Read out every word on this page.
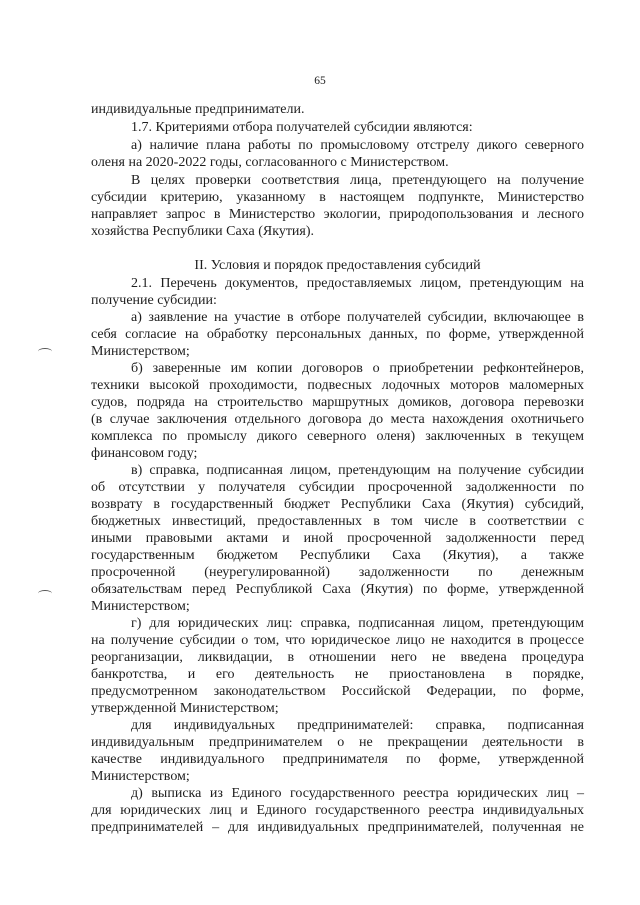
65
индивидуальные предприниматели.
1.7. Критериями отбора получателей субсидии являются:
а) наличие плана работы по промысловому отстрелу дикого северного
оленя на 2020-2022 годы, согласованного с Министерством.
В целях проверки соответствия лица, претендующего на получение
субсидии критерию, указанному в настоящем подпункте, Министерство
направляет запрос в Министерство экологии, природопользования и лесного
хозяйства Республики Саха (Якутия).
II. Условия и порядок предоставления субсидий
2.1. Перечень документов, предоставляемых лицом, претендующим на
получение субсидии:
а) заявление на участие в отборе получателей субсидии, включающее в
себя согласие на обработку персональных данных, по форме, утвержденной
Министерством;
б) заверенные им копии договоров о приобретении рефконтейнеров,
техники высокой проходимости, подвесных лодочных моторов маломерных
судов, подряда на строительство маршрутных домиков, договора перевозки
(в случае заключения отдельного договора до места нахождения охотничьего
комплекса по промыслу дикого северного оленя) заключенных в текущем
финансовом году;
в) справка, подписанная лицом, претендующим на получение субсидии
об отсутствии у получателя субсидии просроченной задолженности по
возврату в государственный бюджет Республики Саха (Якутия) субсидий,
бюджетных инвестиций, предоставленных в том числе в соответствии с
иными правовыми актами и иной просроченной задолженности перед
государственным бюджетом Республики Саха (Якутия), а также
просроченной (неурегулированной) задолженности по денежным
обязательствам перед Республикой Саха (Якутия) по форме, утвержденной
Министерством;
г) для юридических лиц: справка, подписанная лицом, претендующим
на получение субсидии о том, что юридическое лицо не находится в процессе
реорганизации, ликвидации, в отношении него не введена процедура
банкротства, и его деятельность не приостановлена в порядке,
предусмотренном законодательством Российской Федерации, по форме,
утвержденной Министерством;
для индивидуальных предпринимателей: справка, подписанная
индивидуальным предпринимателем о не прекращении деятельности в
качестве индивидуального предпринимателя по форме, утвержденной
Министерством;
д) выписка из Единого государственного реестра юридических лиц –
для юридических лиц и Единого государственного реестра индивидуальных
предпринимателей – для индивидуальных предпринимателей, полученная не
